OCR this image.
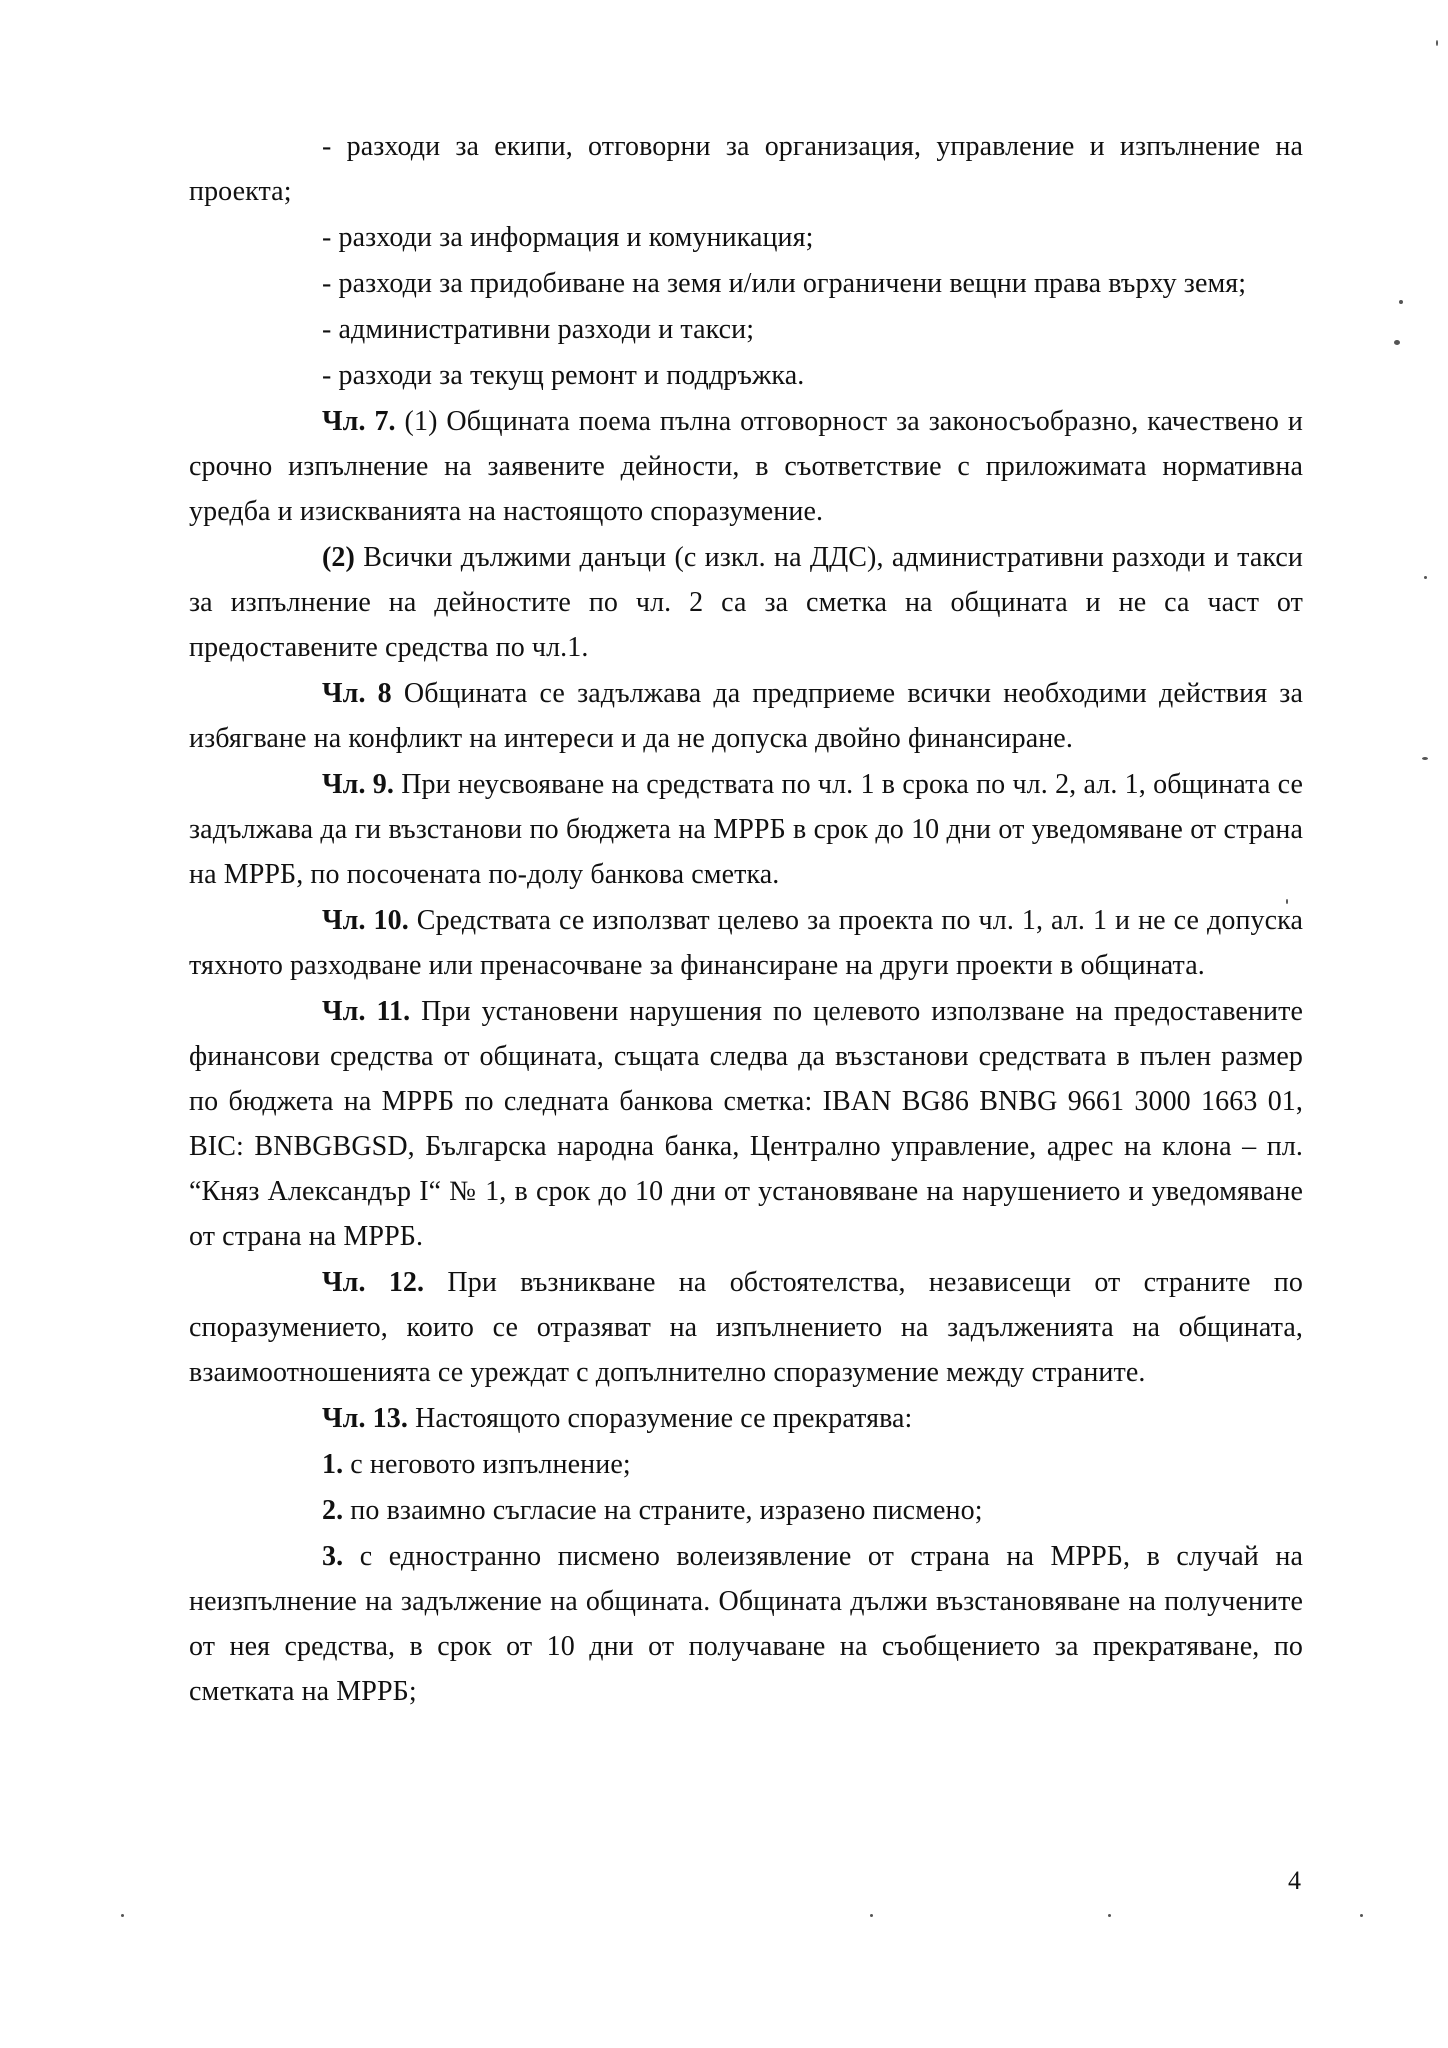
- разходи за екипи, отговорни за организация, управление и изпълнение на проекта;

- разходи за информация и комуникация;

- разходи за придобиване на земя и/или ограничени вещни права върху земя;

- административни разходи и такси;

- разходи за текущ ремонт и поддръжка.

Чл. 7. (1) Общината поема пълна отговорност за законосъобразно, качествено и срочно изпълнение на заявените дейности, в съответствие с приложимата нормативна уредба и изискванията на настоящото споразумение.

(2) Всички дължими данъци (с изкл. на ДДС), административни разходи и такси за изпълнение на дейностите по чл. 2 са за сметка на общината и не са част от предоставените средства по чл.1.

Чл. 8 Общината се задължава да предприеме всички необходими действия за избягване на конфликт на интереси и да не допуска двойно финансиране.

Чл. 9. При неусвояване на средствата по чл. 1 в срока по чл. 2, ал. 1, общината се задължава да ги възстанови по бюджета на МРРБ в срок до 10 дни от уведомяване от страна на МРРБ, по посочената по-долу банкова сметка.

Чл. 10. Средствата се използват целево за проекта по чл. 1, ал. 1 и не се допуска тяхното разходване или пренасочване за финансиране на други проекти в общината.

Чл. 11. При установени нарушения по целевото използване на предоставените финансови средства от общината, същата следва да възстанови средствата в пълен размер по бюджета на МРРБ по следната банкова сметка: IBAN BG86 BNBG 9661 3000 1663 01, BIC: BNBGBGSD, Българска народна банка, Централно управление, адрес на клона – пл. “Княз Александър I“ № 1, в срок до 10 дни от установяване на нарушението и уведомяване от страна на МРРБ.

Чл. 12. При възникване на обстоятелства, независещи от страните по споразумението, които се отразяват на изпълнението на задълженията на общината, взаимоотношенията се уреждат с допълнително споразумение между страните.

Чл. 13. Настоящото споразумение се прекратява:

1. с неговото изпълнение;

2. по взаимно съгласие на страните, изразено писмено;

3. с едностранно писмено волеизявление от страна на МРРБ, в случай на неизпълнение на задължение на общината. Общината дължи възстановяване на получените от нея средства, в срок от 10 дни от получаване на съобщението за прекратяване, по сметката на МРРБ;

4
